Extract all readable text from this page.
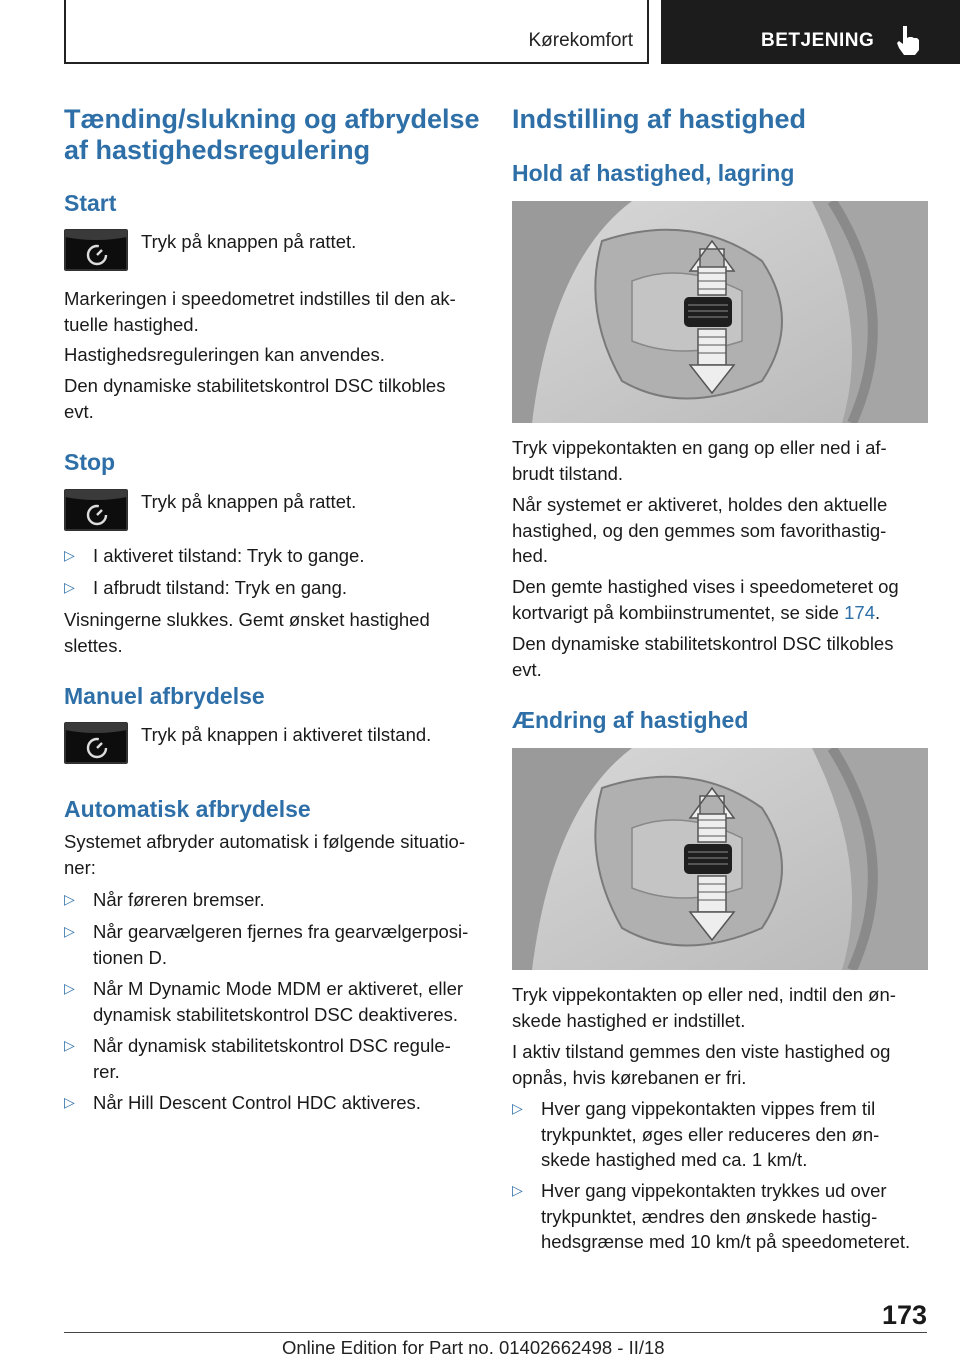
Kørekomfort	BETJENING
Tænding/slukning og afbrydelse
af hastighedsregulering
Start
Tryk på knappen på rattet.
Markeringen i speedometret indstilles til den ak-
tuelle hastighed.
Hastighedsreguleringen kan anvendes.
Den dynamiske stabilitetskontrol DSC tilkobles
evt.
Stop
Tryk på knappen på rattet.
▷ I aktiveret tilstand: Tryk to gange.
▷ I afbrudt tilstand: Tryk en gang.
Visningerne slukkes. Gemt ønsket hastighed
slettes.
Manuel afbrydelse
Tryk på knappen i aktiveret tilstand.
Automatisk afbrydelse
Systemet afbryder automatisk i følgende situatio-
ner:
▷ Når føreren bremser.
▷ Når gearvælgeren fjernes fra gearvælgerposi-
tionen D.
▷ Når M Dynamic Mode MDM er aktiveret, eller
dynamisk stabilitetskontrol DSC deaktiveres.
▷ Når dynamisk stabilitetskontrol DSC regule-
rer.
▷ Når Hill Descent Control HDC aktiveres.
Indstilling af hastighed
Hold af hastighed, lagring
Tryk vippekontakten en gang op eller ned i af-
brudt tilstand.
Når systemet er aktiveret, holdes den aktuelle
hastighed, og den gemmes som favorithastig-
hed.
Den gemte hastighed vises i speedometeret og
kortvarigt på kombiinstrumentet, se side 174.
Den dynamiske stabilitetskontrol DSC tilkobles
evt.
Ændring af hastighed
Tryk vippekontakten op eller ned, indtil den øn-
skede hastighed er indstillet.
I aktiv tilstand gemmes den viste hastighed og
opnås, hvis kørebanen er fri.
▷ Hver gang vippekontakten vippes frem til
trykpunktet, øges eller reduceres den øn-
skede hastighed med ca. 1 km/t.
▷ Hver gang vippekontakten trykkes ud over
trykpunktet, ændres den ønskede hastig-
hedsgrænse med 10 km/t på speedometeret.
173
Online Edition for Part no. 01402662498 - II/18
